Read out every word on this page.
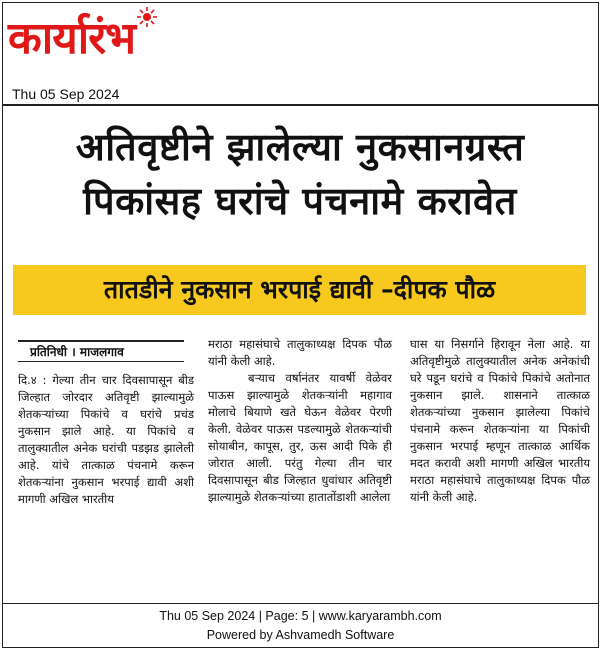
कार्यारंभ
Thu 05 Sep 2024
अतिवृष्टीने झालेल्या नुकसानग्रस्त
पिकांसह घरांचे पंचनामे करावेत
तातडीने नुकसान भरपाई द्यावी –दीपक पौळ
प्रतिनिधी । माजलगाव

दि.४ : गेल्या तीन चार दिवसापासून बीड जिल्हात जोरदार अतिवृष्टी झाल्यामुळे शेतकऱ्यांच्या पिकांचे व घरांचे प्रचंड नुकसान झाले आहे. या पिकांचे व तालुक्यातील अनेक घरांची पडझड झालेली आहे. यांचे तात्काळ पंचनामे करून शेतकऱ्यांना नुकसान भरपाई द्यावी अशी मागणी अखिल भारतीय

मराठा महासंघाचे तालुकाध्यक्ष दिपक पौळ यांनी केली आहे.

बऱ्याच वर्षानंतर यावर्षी वेळेवर पाऊस झाल्यामुळे शेतकऱ्यांनी महागाव मोलाचे बियाणे खते घेऊन वेळेवर पेरणी केली. वेळेवर पाऊस पडल्यामुळे शेतकऱ्यांची सोयाबीन, कापूस, तुर, ऊस आदी पिके ही जोरात आली. परंतु गेल्या तीन चार दिवसापासून बीड जिल्हात धुवांधार अतिवृष्टी झाल्यामुळे शेतकऱ्यांच्या हातातोंडाशी आलेला

घास या निसर्गाने हिरावून नेला आहे. या अतिवृष्टीमुळे तालुक्यातील अनेक अनेकांची घरे पडून घरांचे व पिकांचे पिकांचे अतोनात नुकसान झाले. शासनाने तात्काळ शेतकऱ्यांच्या नुकसान झालेल्या पिकांचे पंचनामे करून शेतकऱ्यांना या पिकांची नुकसान भरपाई म्हणून तात्काळ आर्थिक मदत करावी अशी मागणी अखिल भारतीय मराठा महासंघाचे तालुकाध्यक्ष दिपक पौळ यांनी केली आहे.

Thu 05 Sep 2024 | Page: 5 | www.karyarambh.com
Powered by Ashvamedh Software
